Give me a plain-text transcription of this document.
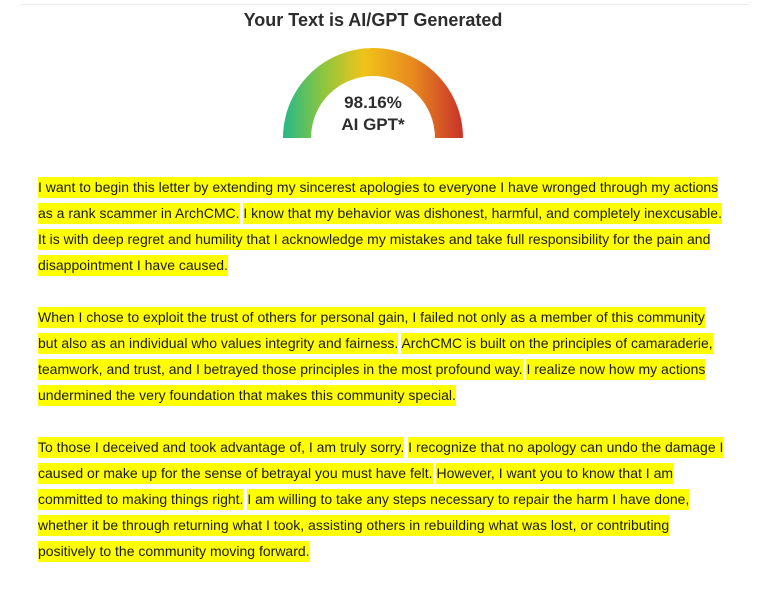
Your Text is AI/GPT Generated
98.16%
AI GPT*

I want to begin this letter by extending my sincerest apologies to everyone I have wronged through my actions as a rank scammer in ArchCMC. I know that my behavior was dishonest, harmful, and completely inexcusable. It is with deep regret and humility that I acknowledge my mistakes and take full responsibility for the pain and disappointment I have caused.

When I chose to exploit the trust of others for personal gain, I failed not only as a member of this community but also as an individual who values integrity and fairness. ArchCMC is built on the principles of camaraderie, teamwork, and trust, and I betrayed those principles in the most profound way. I realize now how my actions undermined the very foundation that makes this community special.

To those I deceived and took advantage of, I am truly sorry. I recognize that no apology can undo the damage I caused or make up for the sense of betrayal you must have felt. However, I want you to know that I am committed to making things right. I am willing to take any steps necessary to repair the harm I have done, whether it be through returning what I took, assisting others in rebuilding what was lost, or contributing positively to the community moving forward.
